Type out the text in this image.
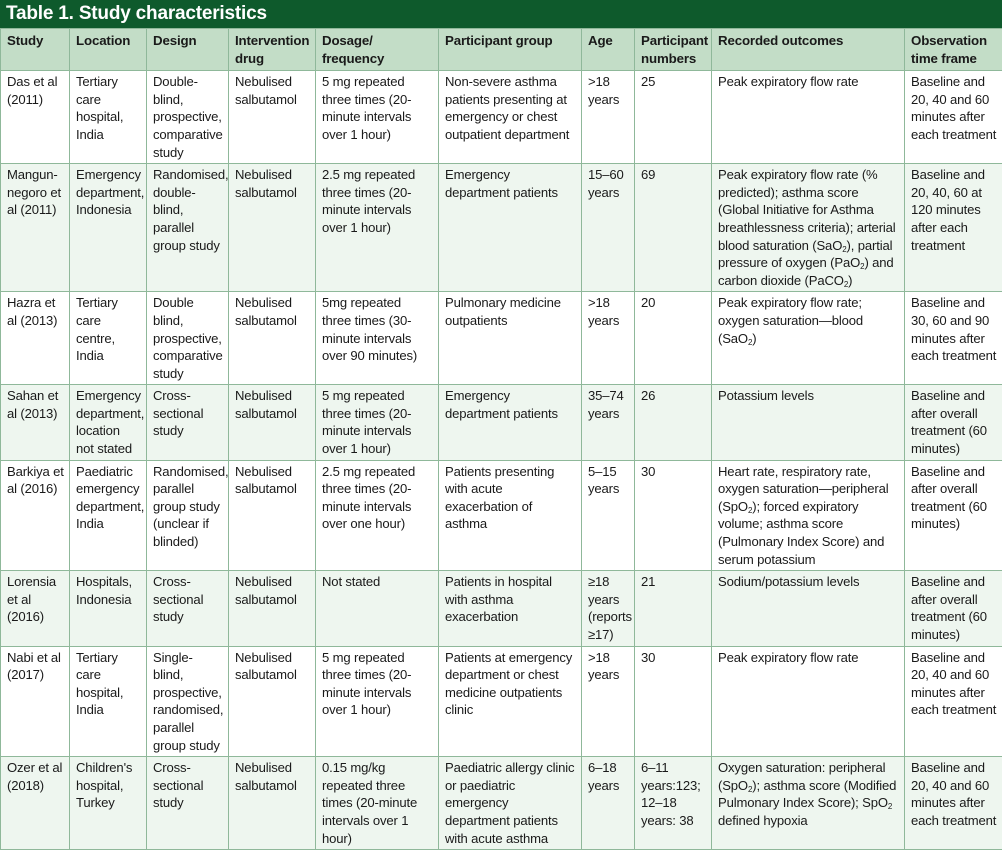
Table 1. Study characteristics
Study	Location	Design	Intervention drug	Dosage/ frequency	Participant group	Age	Participant numbers	Recorded outcomes	Observation time frame
Das et al (2011)	Tertiary care hospital, India	Double-blind, prospective, comparative study	Nebulised salbutamol	5 mg repeated three times (20-minute intervals over 1 hour)	Non-severe asthma patients presenting at emergency or chest outpatient department	>18 years	25	Peak expiratory flow rate	Baseline and 20, 40 and 60 minutes after each treatment
Mangun-negoro et al (2011)	Emergency department, Indonesia	Randomised, double-blind, parallel group study	Nebulised salbutamol	2.5 mg repeated three times (20-minute intervals over 1 hour)	Emergency department patients	15–60 years	69	Peak expiratory flow rate (% predicted); asthma score (Global Initiative for Asthma breathlessness criteria); arterial blood saturation (SaO$_2$), partial pressure of oxygen (PaO$_2$) and carbon dioxide (PaCO$_2$)	Baseline and 20, 40, 60 at 120 minutes after each treatment
Hazra et al (2013)	Tertiary care centre, India	Double blind, prospective, comparative study	Nebulised salbutamol	5mg repeated three times (30-minute intervals over 90 minutes)	Pulmonary medicine outpatients	>18 years	20	Peak expiratory flow rate; oxygen saturation—blood (SaO$_2$)	Baseline and 30, 60 and 90 minutes after each treatment
Sahan et al (2013)	Emergency department, location not stated	Cross-sectional study	Nebulised salbutamol	5 mg repeated three times (20-minute intervals over 1 hour)	Emergency department patients	35–74 years	26	Potassium levels	Baseline and after overall treatment (60 minutes)
Barkiya et al (2016)	Paediatric emergency department, India	Randomised, parallel group study (unclear if blinded)	Nebulised salbutamol	2.5 mg repeated three times (20-minute intervals over one hour)	Patients presenting with acute exacerbation of asthma	5–15 years	30	Heart rate, respiratory rate, oxygen saturation—peripheral (SpO$_2$); forced expiratory volume; asthma score (Pulmonary Index Score) and serum potassium	Baseline and after overall treatment (60 minutes)
Lorensia et al (2016)	Hospitals, Indonesia	Cross-sectional study	Nebulised salbutamol	Not stated	Patients in hospital with asthma exacerbation	≥18 years (reports ≥17)	21	Sodium/potassium levels	Baseline and after overall treatment (60 minutes)
Nabi et al (2017)	Tertiary care hospital, India	Single-blind, prospective, randomised, parallel group study	Nebulised salbutamol	5 mg repeated three times (20-minute intervals over 1 hour)	Patients at emergency department or chest medicine outpatients clinic	>18 years	30	Peak expiratory flow rate	Baseline and 20, 40 and 60 minutes after each treatment
Ozer et al (2018)	Children's hospital, Turkey	Cross-sectional study	Nebulised salbutamol	0.15 mg/kg repeated three times (20-minute intervals over 1 hour)	Paediatric allergy clinic or paediatric emergency department patients with acute asthma	6–18 years	6–11 years:123; 12–18 years: 38	Oxygen saturation: peripheral (SpO$_2$); asthma score (Modified Pulmonary Index Score); SpO$_2$ defined hypoxia	Baseline and 20, 40 and 60 minutes after each treatment
